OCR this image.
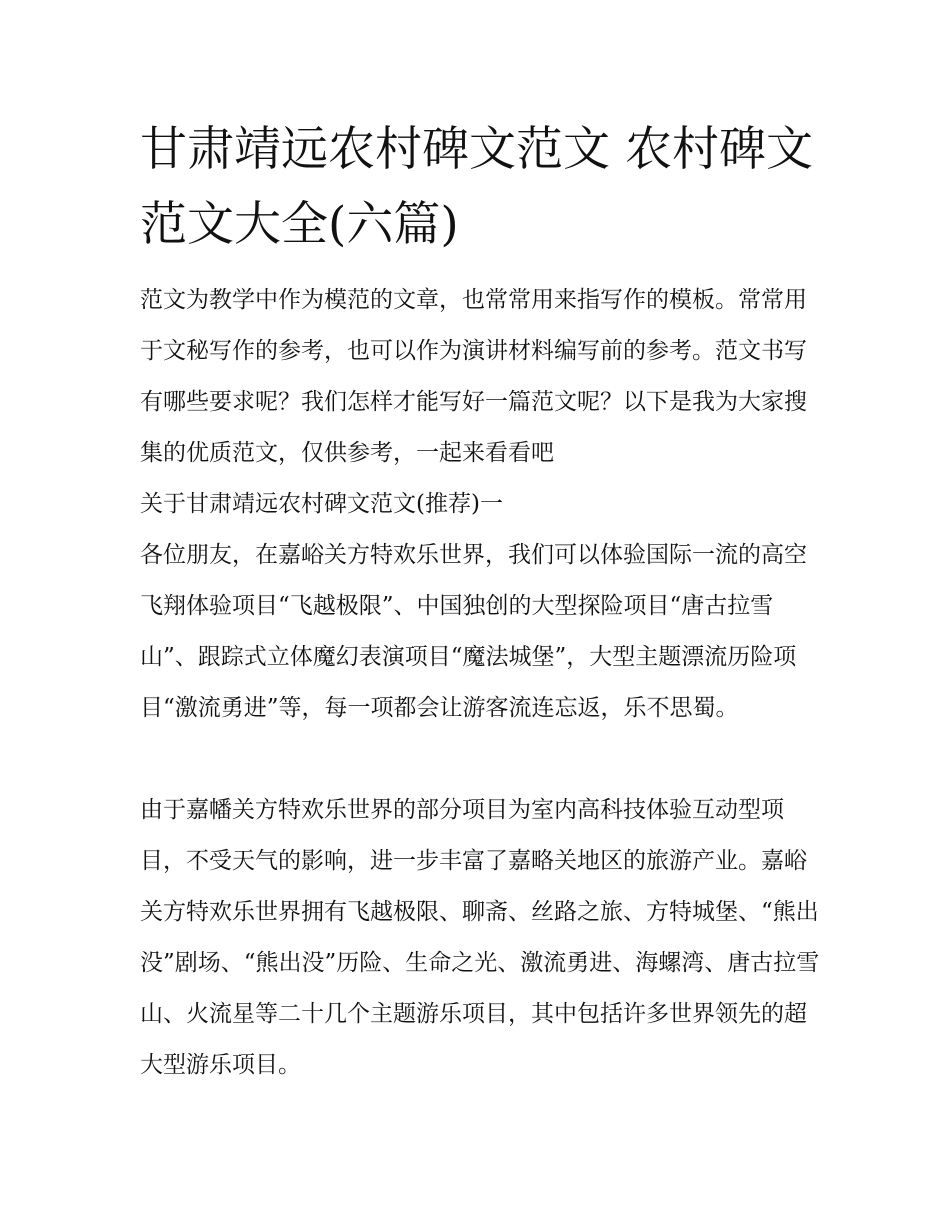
甘肃靖远农村碑文范文 农村碑文范文大全(六篇)

范文为教学中作为模范的文章，也常常用来指写作的模板。常常用于文秘写作的参考，也可以作为演讲材料编写前的参考。范文书写有哪些要求呢？我们怎样才能写好一篇范文呢？以下是我为大家搜集的优质范文，仅供参考，一起来看看吧

关于甘肃靖远农村碑文范文(推荐)一

各位朋友，在嘉峪关方特欢乐世界，我们可以体验国际一流的高空飞翔体验项目“飞越极限”、中国独创的大型探险项目“唐古拉雪山”、跟踪式立体魔幻表演项目“魔法城堡”，大型主题漂流历险项目“激流勇进”等，每一项都会让游客流连忘返，乐不思蜀。

由于嘉幡关方特欢乐世界的部分项目为室内高科技体验互动型项目，不受天气的影响，进一步丰富了嘉略关地区的旅游产业。嘉峪关方特欢乐世界拥有飞越极限、聊斋、丝路之旅、方特城堡、“熊出没”剧场、“熊出没”历险、生命之光、激流勇进、海螺湾、唐古拉雪山、火流星等二十几个主题游乐项目，其中包括许多世界领先的超大型游乐项目。
